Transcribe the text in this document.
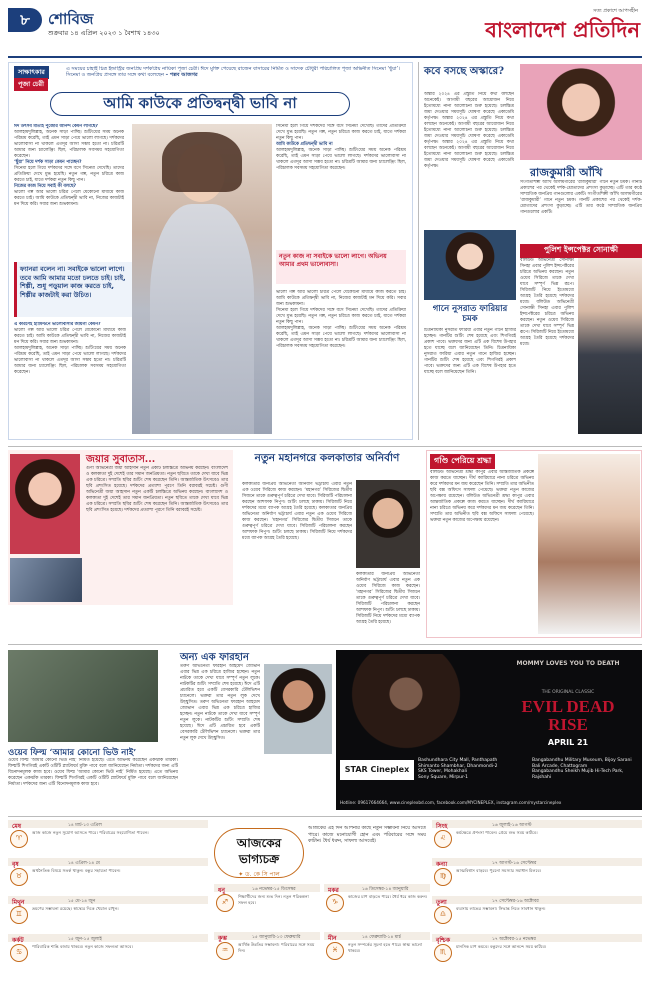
৮	শোবিজ
শুক্রবার ১৪ এপ্রিল ২০২৩ ১ বৈশাখ ১৪৩০
সত্য প্রকাশে আপসহীন
বাংলাদেশ প্রতিদিন
সাক্ষাৎকার
পূজা চেরী
এ সময়ের চাহাই চিত্র ইন্ডাস্ট্রির জনপ্রিয় দর্শকপ্রিয় নায়িকা পূজা চেরী। ঈদে মুক্তি পেয়েছে রাজেন বাসারের নির্মিত ও সাদেক চৌধুরী পরিচালিত পূজা অভিনীত সিনেমা ‘ছুঁয়া’। সিনেমা ও জনপ্রিয় প্রসঙ্গে তার সঙ্গে কথা বলেছেন – পল্লব আজগর
আমি কাউকে প্রতিদ্বন্দ্বী ভাবি না
ঈদ উৎসব মাতাই পুজোর আনন্দ কেমন লাগছে?
আলহামদুলিল্লাহ, অনেক সাড়া পাচ্ছি। শুটিংয়ের সময় অনেক পরিশ্রম করেছি, তাই এমন সাড়া পেয়ে ভালো লাগছে। দর্শকদের ভালোবাসা না থাকলে এতদূর আসা সম্ভব হতো না। চরিত্রটি আমার জন্য চ্যালেঞ্জিং ছিল, পরিচালক সবসময় সহযোগিতা করেছেন।
‘ছুঁয়া’ নিয়ে দর্শক সাড়া কেমন পাচ্ছেন?
সিনেমা হলে গিয়ে দর্শকদের সঙ্গে বসে সিনেমা দেখেছি। তাদের প্রতিক্রিয়া দেখে মুগ্ধ হয়েছি। নতুন গল্প, নতুন চরিত্রে কাজ করতে চাই, যাতে দর্শকরা নতুন কিছু পান।
নিজের কাজ নিয়ে সবাই কী বলছে?
ভালো গল্প আর ভালো চরিত্র পেলে যেকোনো মাধ্যমে কাজ করতে চাই। আমি কাউকে প্রতিদ্বন্দ্বী ভাবি না, নিজের কাজটাই মন দিয়ে করি। সবার জন্য শুভকামনা।
ফ্যানরা বলেন না। সবাইকে ভালো লাগে। তবে আমি আমার মতো চলতে চাই। চাই, শিল্পী, শুধু পড়ুয়াল কাজ করতে চাই, শিল্পীর কাজটাই করা উচিত।
এ কারণেই হ্যামিল্টনে ভালোবাসার জায়গা কেমন?
ভালো গল্প আর ভালো চরিত্র পেলে যেকোনো মাধ্যমে কাজ করতে চাই। আমি কাউকে প্রতিদ্বন্দ্বী ভাবি না, নিজের কাজটাই মন দিয়ে করি। সবার জন্য শুভকামনা।
আলহামদুলিল্লাহ, অনেক সাড়া পাচ্ছি। শুটিংয়ের সময় অনেক পরিশ্রম করেছি, তাই এমন সাড়া পেয়ে ভালো লাগছে। দর্শকদের ভালোবাসা না থাকলে এতদূর আসা সম্ভব হতো না। চরিত্রটি আমার জন্য চ্যালেঞ্জিং ছিল, পরিচালক সবসময় সহযোগিতা করেছেন।
সিনেমা হলে গিয়ে দর্শকদের সঙ্গে বসে সিনেমা দেখেছি। তাদের প্রতিক্রিয়া দেখে মুগ্ধ হয়েছি। নতুন গল্প, নতুন চরিত্রে কাজ করতে চাই, যাতে দর্শকরা নতুন কিছু পান।
আমি কাউকে প্রতিদ্বন্দ্বী ভাবি না
আলহামদুলিল্লাহ, অনেক সাড়া পাচ্ছি। শুটিংয়ের সময় অনেক পরিশ্রম করেছি, তাই এমন সাড়া পেয়ে ভালো লাগছে। দর্শকদের ভালোবাসা না থাকলে এতদূর আসা সম্ভব হতো না। চরিত্রটি আমার জন্য চ্যালেঞ্জিং ছিল, পরিচালক সবসময় সহযোগিতা করেছেন।
নতুন কাজ না সবাইকে ভালো লাগে। অভিনয় আমার প্রথম ভালোবাসা।
ভালো গল্প আর ভালো চরিত্র পেলে যেকোনো মাধ্যমে কাজ করতে চাই। আমি কাউকে প্রতিদ্বন্দ্বী ভাবি না, নিজের কাজটাই মন দিয়ে করি। সবার জন্য শুভকামনা।
সিনেমা হলে গিয়ে দর্শকদের সঙ্গে বসে সিনেমা দেখেছি। তাদের প্রতিক্রিয়া দেখে মুগ্ধ হয়েছি। নতুন গল্প, নতুন চরিত্রে কাজ করতে চাই, যাতে দর্শকরা নতুন কিছু পান।
আলহামদুলিল্লাহ, অনেক সাড়া পাচ্ছি। শুটিংয়ের সময় অনেক পরিশ্রম করেছি, তাই এমন সাড়া পেয়ে ভালো লাগছে। দর্শকদের ভালোবাসা না থাকলে এতদূর আসা সম্ভব হতো না। চরিত্রটি আমার জন্য চ্যালেঞ্জিং ছিল, পরিচালক সবসময় সহযোগিতা করেছেন।
কবে বসছে অস্কারে?
অস্কার ২০২৪ এর প্রস্তুতি নিয়ে কথা বলছেন অনেকেই। আগামী বছরের আয়োজন নিয়ে ইতোমধ্যে নানা আলোচনা শুরু হয়েছে। চলচ্চিত্র জমা দেওয়ার সময়সূচি ঘোষণা করেছে একাডেমি কর্তৃপক্ষ। অস্কার ২০২৪ এর প্রস্তুতি নিয়ে কথা বলছেন অনেকেই। আগামী বছরের আয়োজন নিয়ে ইতোমধ্যে নানা আলোচনা শুরু হয়েছে। চলচ্চিত্র জমা দেওয়ার সময়সূচি ঘোষণা করেছে একাডেমি কর্তৃপক্ষ। অস্কার ২০২৪ এর প্রস্তুতি নিয়ে কথা বলছেন অনেকেই। আগামী বছরের আয়োজন নিয়ে ইতোমধ্যে নানা আলোচনা শুরু হয়েছে। চলচ্চিত্র জমা দেওয়ার সময়সূচি ঘোষণা করেছে একাডেমি কর্তৃপক্ষ।	রাজকুমারী আঁখি
সংগীতশিল্পী আঁখি আলমগীরের ‘রাজকুমারী’ গানে নতুন চমক। গানটি প্রকাশের পর থেকেই দর্শক-শ্রোতাদের প্রশংসা কুড়াচ্ছে। এটি তার কণ্ঠে সাম্প্রতিক জনপ্রিয় গানগুলোর একটি। সংগীতশিল্পী আঁখি আলমগীরের ‘রাজকুমারী’ গানে নতুন চমক। গানটি প্রকাশের পর থেকেই দর্শক-শ্রোতাদের প্রশংসা কুড়াচ্ছে। এটি তার কণ্ঠে সাম্প্রতিক জনপ্রিয় গানগুলোর একটি।
গানে নুসরাত ফারিয়ার চমক
চিত্রনায়িকা নুসরাত ফারিয়া এবার নতুন গানে হাজির হচ্ছেন। গানটির শুটিং শেষ হয়েছে এবং শিগগিরই প্রকাশ পাবে। ভক্তদের জন্য এটি এক বিশেষ উপহার হতে যাচ্ছে বলে জানিয়েছেন তিনি। চিত্রনায়িকা নুসরাত ফারিয়া এবার নতুন গানে হাজির হচ্ছেন। গানটির শুটিং শেষ হয়েছে এবং শিগগিরই প্রকাশ পাবে। ভক্তদের জন্য এটি এক বিশেষ উপহার হতে যাচ্ছে বলে জানিয়েছেন তিনি।
পুলিশ ইন্সপেক্টর সোনাক্ষী
বলিউড অভিনেত্রী সোনাক্ষী সিনহা এবার পুলিশ ইন্সপেক্টরের চরিত্রে অভিনয় করছেন। নতুন ওয়েব সিরিজে তাকে দেখা যাবে সম্পূর্ণ ভিন্ন রূপে। সিরিজটি নিয়ে ইতোমধ্যে আগ্রহ তৈরি হয়েছে দর্শকদের মধ্যে। বলিউড অভিনেত্রী সোনাক্ষী সিনহা এবার পুলিশ ইন্সপেক্টরের চরিত্রে অভিনয় করছেন। নতুন ওয়েব সিরিজে তাকে দেখা যাবে সম্পূর্ণ ভিন্ন রূপে। সিরিজটি নিয়ে ইতোমধ্যে আগ্রহ তৈরি হয়েছে দর্শকদের মধ্যে।
জয়ার সুবাতাস...
গুণী অভিনেত্রী জয়া আহসান নতুন একটি চলচ্চিত্রে অভিনয় করছেন। বাংলাদেশ ও কলকাতা দুই দেশেই তার সমান জনপ্রিয়তা। নতুন ছবিতে তাকে দেখা যাবে ভিন্ন এক চরিত্রে। সম্প্রতি ছবির শুটিং শেষ করেছেন তিনি। আন্তর্জাতিক উৎসবেও তার ছবি প্রশংসিত হয়েছে। দর্শকদের প্রত্যাশা পূরণে তিনি বরাবরই সচেষ্ট। গুণী অভিনেত্রী জয়া আহসান নতুন একটি চলচ্চিত্রে অভিনয় করছেন। বাংলাদেশ ও কলকাতা দুই দেশেই তার সমান জনপ্রিয়তা। নতুন ছবিতে তাকে দেখা যাবে ভিন্ন এক চরিত্রে। সম্প্রতি ছবির শুটিং শেষ করেছেন তিনি। আন্তর্জাতিক উৎসবেও তার ছবি প্রশংসিত হয়েছে। দর্শকদের প্রত্যাশা পূরণে তিনি বরাবরই সচেষ্ট।
নতুন মহানগরে কলকাতার অনির্বাণ
কলকাতার জনপ্রিয় অভিনেতা অনির্বাণ ভট্টাচার্য এবার নতুন এক ওয়েব সিরিজে কাজ করছেন। ‘মহানগর’ সিরিজের দ্বিতীয় সিজনে তাকে গুরুত্বপূর্ণ চরিত্রে দেখা যাবে। সিরিজটি পরিচালনা করছেন আশফাক নিপুণ। শুটিং চলছে ঢাকায়। সিরিজটি নিয়ে দর্শকদের মধ্যে ব্যাপক আগ্রহ তৈরি হয়েছে। কলকাতার জনপ্রিয় অভিনেতা অনির্বাণ ভট্টাচার্য এবার নতুন এক ওয়েব সিরিজে কাজ করছেন। ‘মহানগর’ সিরিজের দ্বিতীয় সিজনে তাকে গুরুত্বপূর্ণ চরিত্রে দেখা যাবে। সিরিজটি পরিচালনা করছেন আশফাক নিপুণ। শুটিং চলছে ঢাকায়। সিরিজটি নিয়ে দর্শকদের মধ্যে ব্যাপক আগ্রহ তৈরি হয়েছে।
কলকাতার জনপ্রিয় অভিনেতা অনির্বাণ ভট্টাচার্য এবার নতুন এক ওয়েব সিরিজে কাজ করছেন। ‘মহানগর’ সিরিজের দ্বিতীয় সিজনে তাকে গুরুত্বপূর্ণ চরিত্রে দেখা যাবে। সিরিজটি পরিচালনা করছেন আশফাক নিপুণ। শুটিং চলছে ঢাকায়। সিরিজটি নিয়ে দর্শকদের মধ্যে ব্যাপক আগ্রহ তৈরি হয়েছে।
গণ্ডি পেরিয়ে শ্রদ্ধা
বলিউড অভিনেত্রী শ্রদ্ধা কাপুর এবার আন্তর্জাতিক প্রকল্পে কাজ করতে যাচ্ছেন। দীর্ঘ ক্যারিয়ারে নানা চরিত্রে অভিনয় করে দর্শকদের মন জয় করেছেন তিনি। সম্প্রতি তার অভিনীত ছবি বক্স অফিসে সাফল্য পেয়েছে। ভক্তরা নতুন কাজের অপেক্ষায় রয়েছেন। বলিউড অভিনেত্রী শ্রদ্ধা কাপুর এবার আন্তর্জাতিক প্রকল্পে কাজ করতে যাচ্ছেন। দীর্ঘ ক্যারিয়ারে নানা চরিত্রে অভিনয় করে দর্শকদের মন জয় করেছেন তিনি। সম্প্রতি তার অভিনীত ছবি বক্স অফিসে সাফল্য পেয়েছে। ভক্তরা নতুন কাজের অপেক্ষায় রয়েছেন।
ওয়েব ফিল্ম ‘আমার কোনো ভিউ নাই’
ওয়েব ফিল্ম ‘আমার কোনো ভিউ নাই’ নির্মিত হয়েছে। এতে অভিনয় করেছেন একঝাঁক তারকা। ফিল্মটি শিগগিরই একটি ওটিটি প্ল্যাটফর্মে মুক্তি পাবে বলে জানিয়েছেন নির্মাতা। দর্শকদের জন্য এটি বিনোদনমূলক কাজ হবে। ওয়েব ফিল্ম ‘আমার কোনো ভিউ নাই’ নির্মিত হয়েছে। এতে অভিনয় করেছেন একঝাঁক তারকা। ফিল্মটি শিগগিরই একটি ওটিটি প্ল্যাটফর্মে মুক্তি পাবে বলে জানিয়েছেন নির্মাতা। দর্শকদের জন্য এটি বিনোদনমূলক কাজ হবে।
অন্য এক ফারহান
তরুণ অভিনেতা ফারহান আহমেদ জোভান এবার ভিন্ন এক চরিত্রে হাজির হচ্ছেন। নতুন নাটকে তাকে দেখা যাবে সম্পূর্ণ নতুন লুকে। নাটকটির শুটিং সম্প্রতি শেষ হয়েছে। ঈদে এটি প্রচারিত হবে একটি বেসরকারি টেলিভিশন চ্যানেলে। ভক্তরা তার নতুন লুক দেখে উচ্ছ্বসিত। তরুণ অভিনেতা ফারহান আহমেদ জোভান এবার ভিন্ন এক চরিত্রে হাজির হচ্ছেন। নতুন নাটকে তাকে দেখা যাবে সম্পূর্ণ নতুন লুকে। নাটকটির শুটিং সম্প্রতি শেষ হয়েছে। ঈদে এটি প্রচারিত হবে একটি বেসরকারি টেলিভিশন চ্যানেলে। ভক্তরা তার নতুন লুক দেখে উচ্ছ্বসিত।
MOMMY LOVES YOU TO DEATH
THE ORIGINAL CLASSIC
EVIL DEAD RISE
APRIL 21
STAR Cineplex
Bashundhara City Mall, Panthapath
Shimanto Shambhar, Dhanmondi-2
SKS Tower, Mohakhali
Sony Square, Mirpur-1
Bangabandhu Military Museum, Bijoy Sarani
Bali Arcade, Chattogram
Bangabandhu Sheikh Mujib Hi-Tech Park, Rajshahi
Hotline: 09617664664, www.cineplexbd.com, facebook.com/MYCINEPLEX, instagram.com/mystarcineplex
আজকের ভাগ্যচক্র
✦ ড. কে সি পাল
আজকের এই দিন আপনার কাছে নতুন সম্ভাবনা নিয়ে আসতে পারে। কাজে মনোযোগী হোন এবং পরিবারের সঙ্গে সময় কাটান। ধৈর্য ধরুন, সাফল্য আসবেই।
♈
মেষ	১৪ মার্চ-১৩ এপ্রিল
আজ কাজে নতুন সুযোগ আসতে পারে। পরিবারের সহযোগিতা পাবেন।
♉
বৃষ	১৪ এপ্রিল-১৪ মে
অর্থনৈতিক বিষয়ে সতর্ক থাকুন। বন্ধুর সহায়তা পাবেন।
♊
মিথুন	১৫ মে-১৪ জুন
ভ্রমণের সম্ভাবনা রয়েছে। স্বাস্থ্যের দিকে খেয়াল রাখুন।
♋
কর্কট	১৫ জুন-১৫ জুলাই
পারিবারিক শান্তি বজায় থাকবে। নতুন কাজে সফলতা আসবে।
♌
সিংহ	১৬ জুলাই-১৬ আগস্ট
কর্মক্ষেত্রে প্রশংসা পাবেন। প্রেমে শুভ সময় কাটবে।
♍
কন্যা	১৭ আগস্ট-১৬ সেপ্টেম্বর
আত্মবিশ্বাস বাড়বে। পুরনো সমস্যার সমাধান মিলবে।
♎
তুলা	১৭ সেপ্টেম্বর-১৬ অক্টোবর
ব্যবসায় লাভের সম্ভাবনা। সিদ্ধান্ত নিতে সাবধান থাকুন।
♏
বৃশ্চিক	১৭ অক্টোবর-১৫ নভেম্বর
মানসিক চাপ কমবে। বন্ধুদের সঙ্গে আনন্দে সময় কাটবে।
♐
ধনু	১৬ নভেম্বর-১৫ ডিসেম্বর
শিক্ষার্থীদের জন্য শুভ দিন। নতুন পরিকল্পনা সফল হবে।	♑
মকর	১৬ ডিসেম্বর-১৪ জানুয়ারি
কাজের চাপ বাড়তে পারে। ধৈর্য ধরে কাজ করুন।
♒
কুম্ভ	১৫ জানুয়ারি-১৩ ফেব্রুয়ারি
আর্থিক উন্নতির সম্ভাবনা। পরিবারের সঙ্গে সময় দিন।	♓
মীন	১৪ ফেব্রুয়ারি-১৪ মার্চ
নতুন সম্পর্কের সূচনা হতে পারে। স্বাস্থ্য ভালো থাকবে।
